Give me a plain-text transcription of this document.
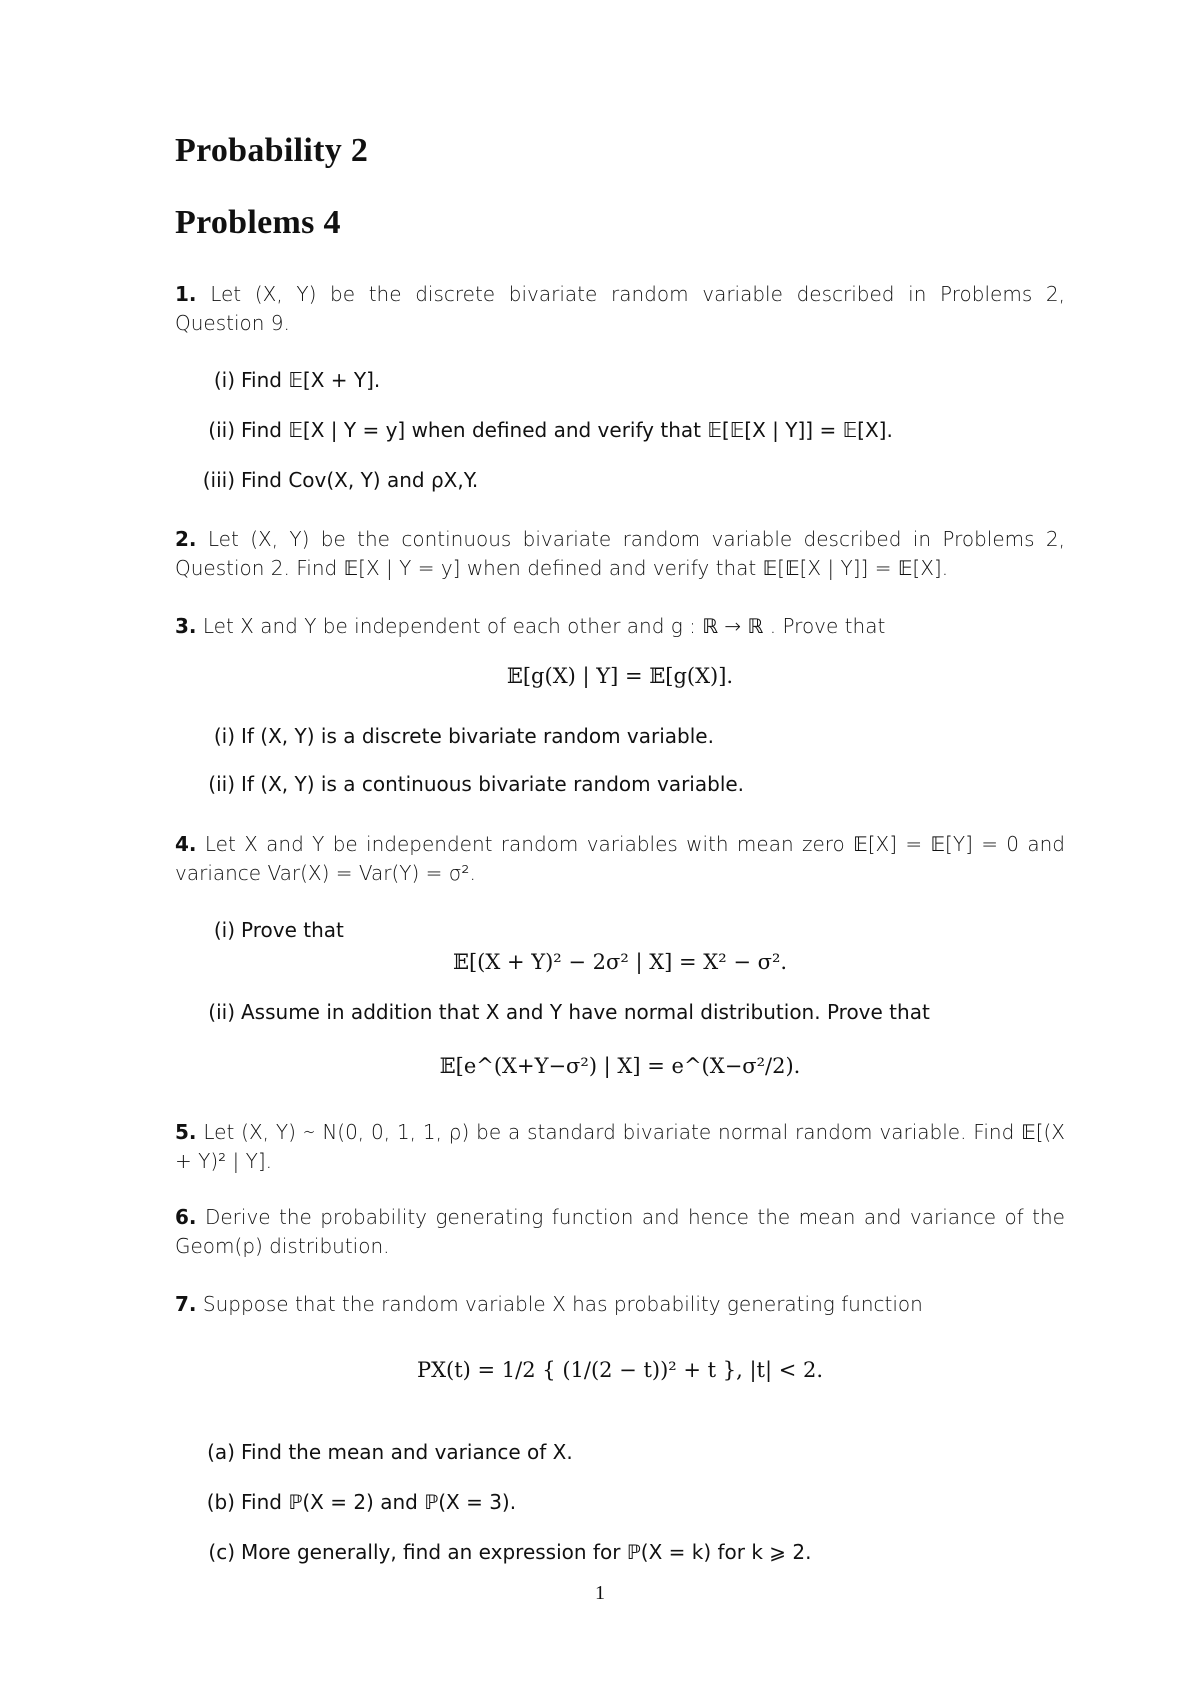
Probability 2
Problems 4
1. Let (X, Y) be the discrete bivariate random variable described in Problems 2, Question 9.
(i) Find 𝔼[X + Y].
(ii) Find 𝔼[X | Y = y] when defined and verify that 𝔼[𝔼[X | Y]] = 𝔼[X].
(iii) Find Cov(X, Y) and ρX,Y.
2. Let (X, Y) be the continuous bivariate random variable described in Problems 2, Question 2. Find 𝔼[X | Y = y] when defined and verify that 𝔼[𝔼[X | Y]] = 𝔼[X].
3. Let X and Y be independent of each other and g : ℝ → ℝ . Prove that
𝔼[g(X) | Y] = 𝔼[g(X)].
(i) If (X, Y) is a discrete bivariate random variable.
(ii) If (X, Y) is a continuous bivariate random variable.
4. Let X and Y be independent random variables with mean zero 𝔼[X] = 𝔼[Y] = 0 and variance Var(X) = Var(Y) = σ².
(i) Prove that
𝔼[(X + Y)² − 2σ² | X] = X² − σ².
(ii) Assume in addition that X and Y have normal distribution. Prove that
𝔼[e^(X+Y−σ²) | X] = e^(X−σ²/2).
5. Let (X, Y) ∼ N(0, 0, 1, 1, ρ) be a standard bivariate normal random variable. Find 𝔼[(X + Y)² | Y].
6. Derive the probability generating function and hence the mean and variance of the Geom(p) distribution.
7. Suppose that the random variable X has probability generating function
PX(t) = 1/2 { (1/(2 − t))² + t }, |t| < 2.
(a) Find the mean and variance of X.
(b) Find ℙ(X = 2) and ℙ(X = 3).
(c) More generally, find an expression for ℙ(X = k) for k ⩾ 2.
1
